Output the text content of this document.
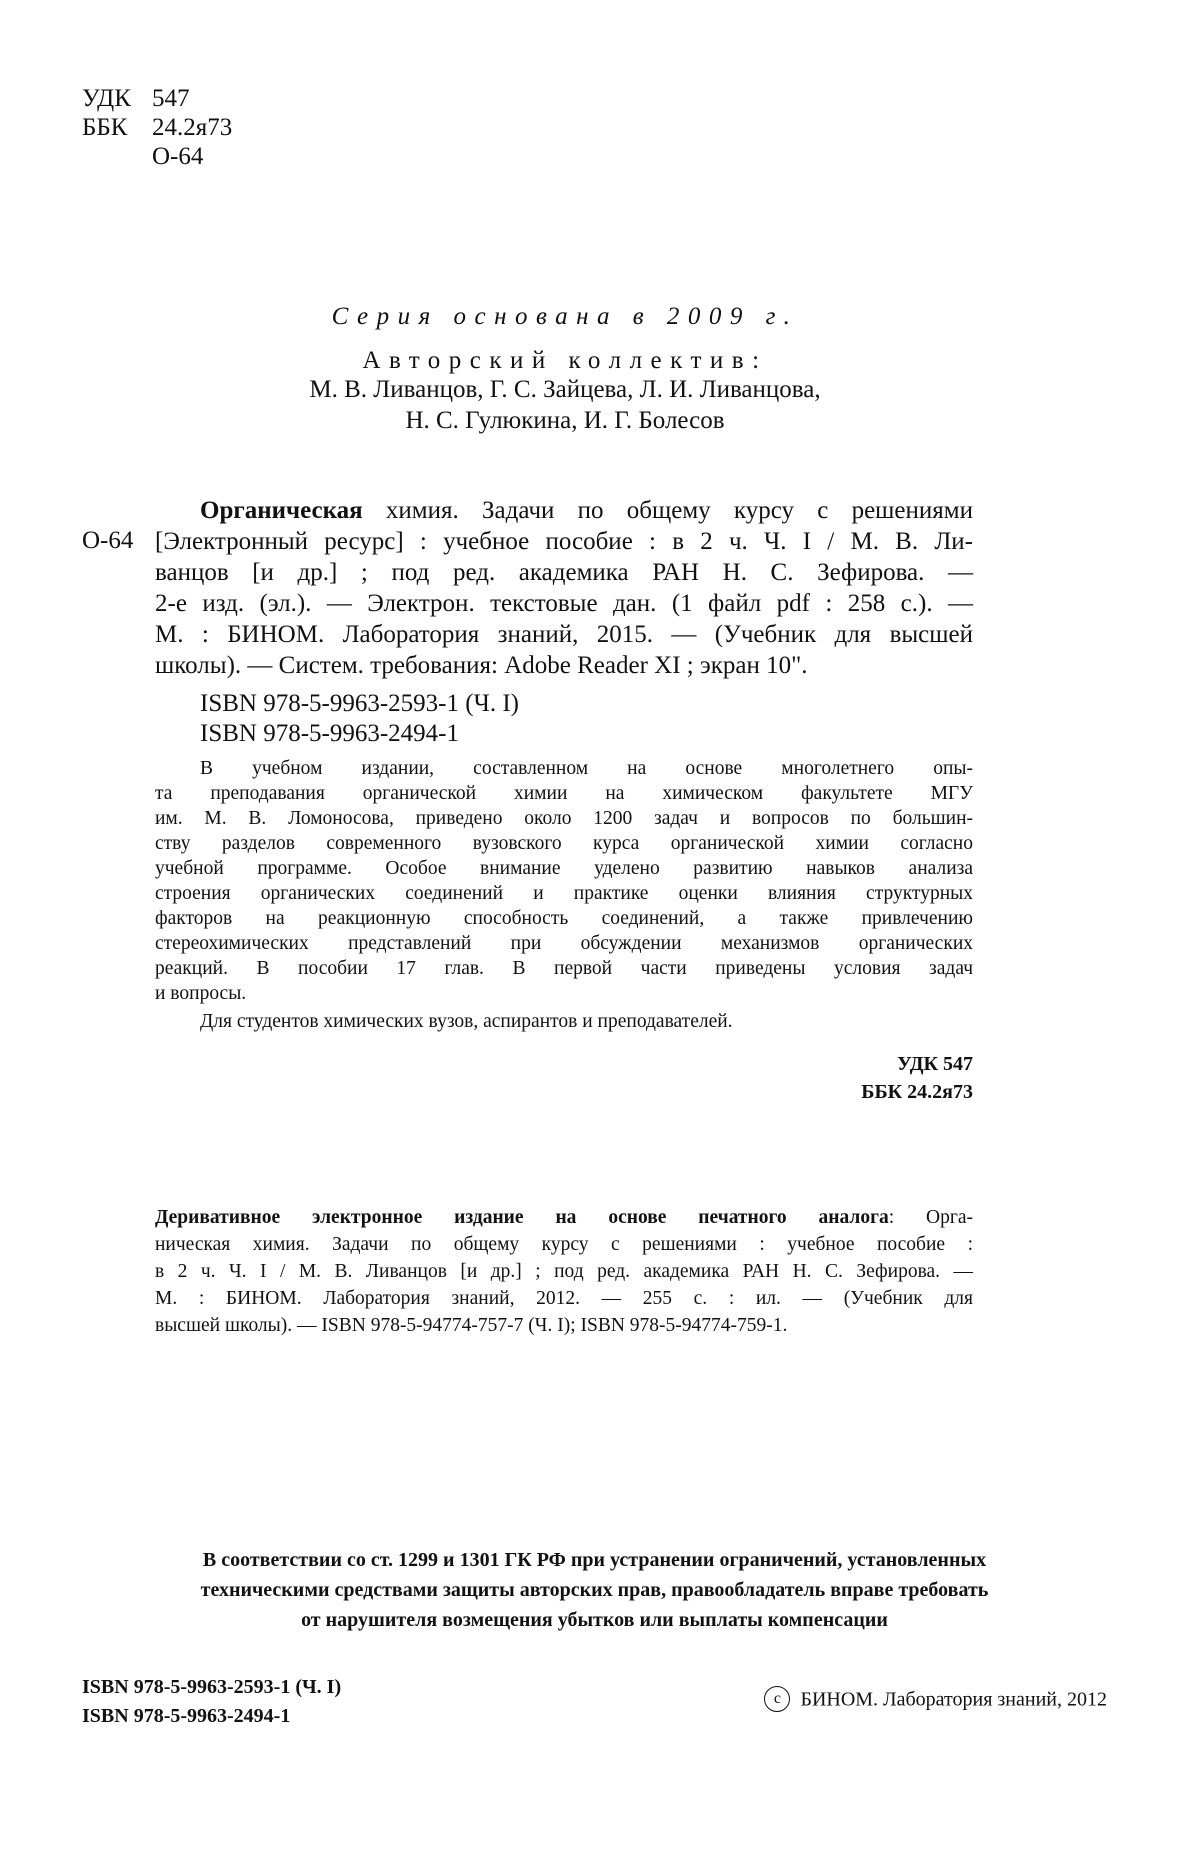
УДК 547
ББК 24.2я73
О-64
Серия основана в 2009 г.
Авторский коллектив:
М. В. Ливанцов, Г. С. Зайцева, Л. И. Ливанцова,
Н. С. Гулюкина, И. Г. Болесов
О-64
Органическая химия. Задачи по общему курсу с решениями
[Электронный ресурс] : учебное пособие : в 2 ч. Ч. I / М. В. Ли-
ванцов [и др.] ; под ред. академика РАН Н. С. Зефирова. —
2-е изд. (эл.). — Электрон. текстовые дан. (1 файл pdf : 258 с.). —
М. : БИНОМ. Лаборатория знаний, 2015. — (Учебник для высшей
школы). — Систем. требования: Adobe Reader XI ; экран 10".
ISBN 978-5-9963-2593-1 (Ч. I)
ISBN 978-5-9963-2494-1
В учебном издании, составленном на основе многолетнего опы-
та преподавания органической химии на химическом факультете МГУ
им. М. В. Ломоносова, приведено около 1200 задач и вопросов по большин-
ству разделов современного вузовского курса органической химии согласно
учебной программе. Особое внимание уделено развитию навыков анализа
строения органических соединений и практике оценки влияния структурных
факторов на реакционную способность соединений, а также привлечению
стереохимических представлений при обсуждении механизмов органических
реакций. В пособии 17 глав. В первой части приведены условия задач
и вопросы.
Для студентов химических вузов, аспирантов и преподавателей.
УДК 547
ББК 24.2я73
Деривативное электронное издание на основе печатного аналога: Орга-
ническая химия. Задачи по общему курсу с решениями : учебное пособие :
в 2 ч. Ч. I / М. В. Ливанцов [и др.] ; под ред. академика РАН Н. С. Зефирова. —
М. : БИНОМ. Лаборатория знаний, 2012. — 255 с. : ил. — (Учебник для
высшей школы). — ISBN 978-5-94774-757-7 (Ч. I); ISBN 978-5-94774-759-1.
В соответствии со ст. 1299 и 1301 ГК РФ при устранении ограничений, установленных
техническими средствами защиты авторских прав, правообладатель вправе требовать
от нарушителя возмещения убытков или выплаты компенсации
ISBN 978-5-9963-2593-1 (Ч. I)
ISBN 978-5-9963-2494-1
c БИНОМ. Лаборатория знаний, 2012
